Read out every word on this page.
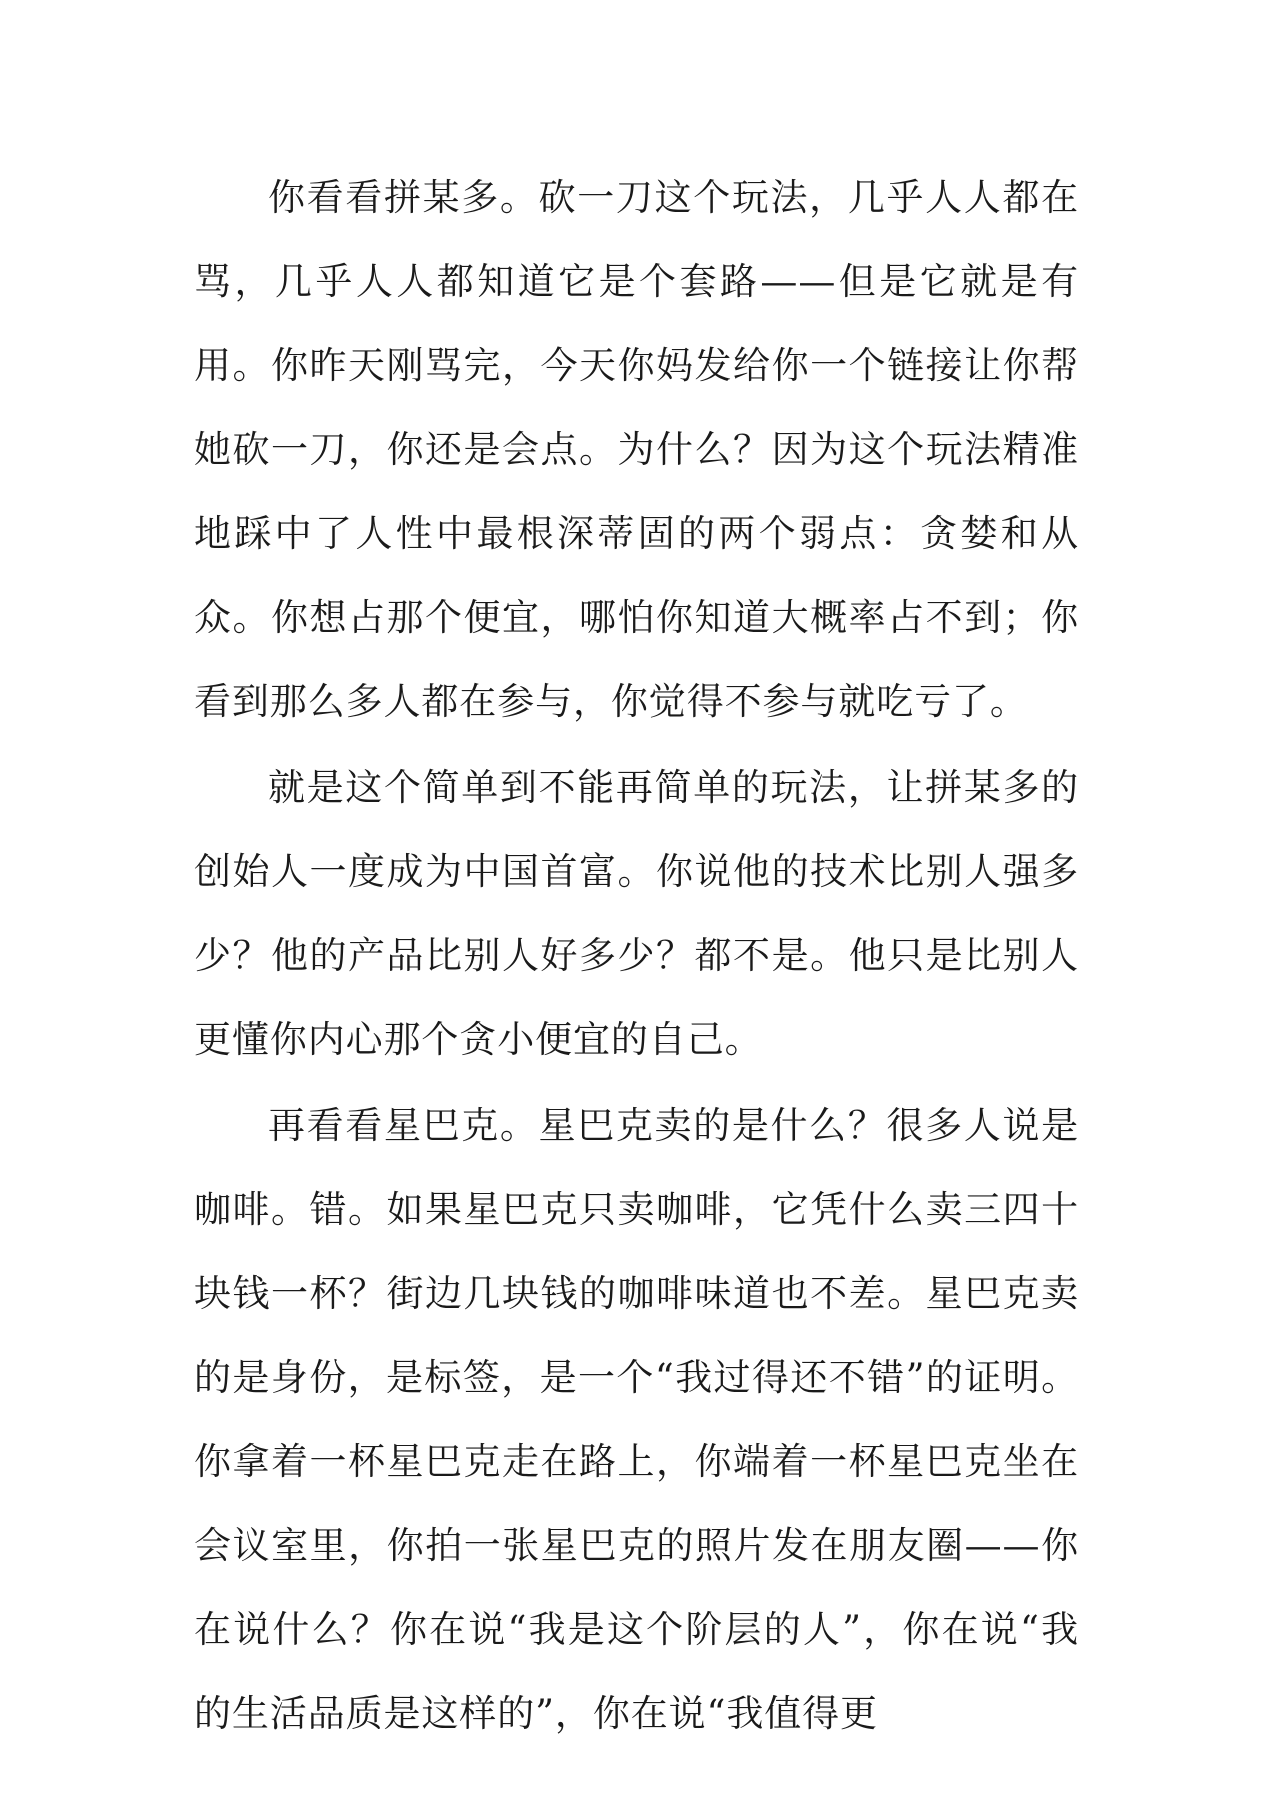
你看看拼某多。砍一刀这个玩法，几乎人人都在骂，几乎人人都知道它是个套路——但是它就是有用。你昨天刚骂完，今天你妈发给你一个链接让你帮她砍一刀，你还是会点。为什么？因为这个玩法精准地踩中了人性中最根深蒂固的两个弱点：贪婪和从众。你想占那个便宜，哪怕你知道大概率占不到；你看到那么多人都在参与，你觉得不参与就吃亏了。

就是这个简单到不能再简单的玩法，让拼某多的创始人一度成为中国首富。你说他的技术比别人强多少？他的产品比别人好多少？都不是。他只是比别人更懂你内心那个贪小便宜的自己。

再看看星巴克。星巴克卖的是什么？很多人说是咖啡。错。如果星巴克只卖咖啡，它凭什么卖三四十块钱一杯？街边几块钱的咖啡味道也不差。星巴克卖的是身份，是标签，是一个“我过得还不错”的证明。你拿着一杯星巴克走在路上，你端着一杯星巴克坐在会议室里，你拍一张星巴克的照片发在朋友圈——你在说什么？你在说“我是这个阶层的人”，你在说“我的生活品质是这样的”，你在说“我值得更
